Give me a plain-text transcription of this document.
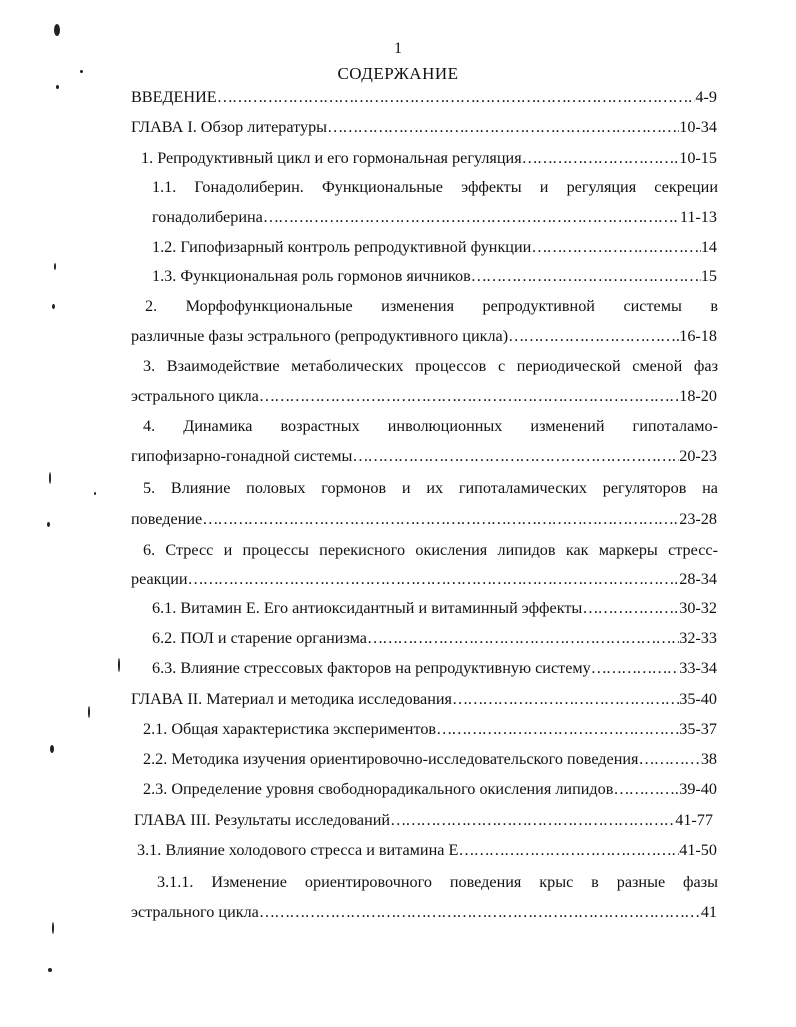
1
СОДЕРЖАНИЕ
ВВЕДЕНИЕ ……………………………………………………………………………………………………………………………………………………………………………………………………	4-9
ГЛАВА I. Обзор литературы ……………………………………………………………………………………………………………………………………………………………………………………………………	10-34
1. Репродуктивный цикл и его гормональная регуляция ……………………………………………………………………………………………………………………………………………………………………………………………………	10-15
1.1. Гонадолиберин. Функциональные эффекты и регуляция секреции
гонадолиберина ……………………………………………………………………………………………………………………………………………………………………………………………………	11-13
1.2. Гипофизарный контроль репродуктивной функции ……………………………………………………………………………………………………………………………………………………………………………………………………	14
1.3. Функциональная роль гормонов яичников ……………………………………………………………………………………………………………………………………………………………………………………………………	15
2. Морфофункциональные изменения репродуктивной системы в
различные фазы эстрального (репродуктивного цикла) ……………………………………………………………………………………………………………………………………………………………………………………………………	16-18
3. Взаимодействие метаболических процессов с периодической сменой фаз
эстрального цикла ……………………………………………………………………………………………………………………………………………………………………………………………………	18-20
4. Динамика возрастных инволюционных изменений гипоталамо-
гипофизарно-гонадной системы ……………………………………………………………………………………………………………………………………………………………………………………………………	20-23
5. Влияние половых гормонов и их гипоталамических регуляторов на
поведение ……………………………………………………………………………………………………………………………………………………………………………………………………	23-28
6. Стресс и процессы перекисного окисления липидов как маркеры стресс-
реакции ……………………………………………………………………………………………………………………………………………………………………………………………………	28-34
6.1. Витамин Е. Его антиоксидантный и витаминный эффекты ……………………………………………………………………………………………………………………………………………………………………………………………………	30-32
6.2. ПОЛ и старение организма ……………………………………………………………………………………………………………………………………………………………………………………………………	32-33
6.3. Влияние стрессовых факторов на репродуктивную систему ……………………………………………………………………………………………………………………………………………………………………………………………………	33-34
ГЛАВА II. Материал и методика исследования ……………………………………………………………………………………………………………………………………………………………………………………………………	35-40
2.1. Общая характеристика экспериментов ……………………………………………………………………………………………………………………………………………………………………………………………………	35-37
2.2. Методика изучения ориентировочно-исследовательского поведения ……………………………………………………………………………………………………………………………………………………………………………………………………	38
2.3. Определение уровня свободнорадикального окисления липидов ……………………………………………………………………………………………………………………………………………………………………………………………………	39-40
ГЛАВА III. Результаты исследований ……………………………………………………………………………………………………………………………………………………………………………………………………	41-77
3.1. Влияние холодового стресса и витамина Е ……………………………………………………………………………………………………………………………………………………………………………………………………	41-50
3.1.1. Изменение ориентировочного поведения крыс в разные фазы
эстрального цикла ……………………………………………………………………………………………………………………………………………………………………………………………………	41
